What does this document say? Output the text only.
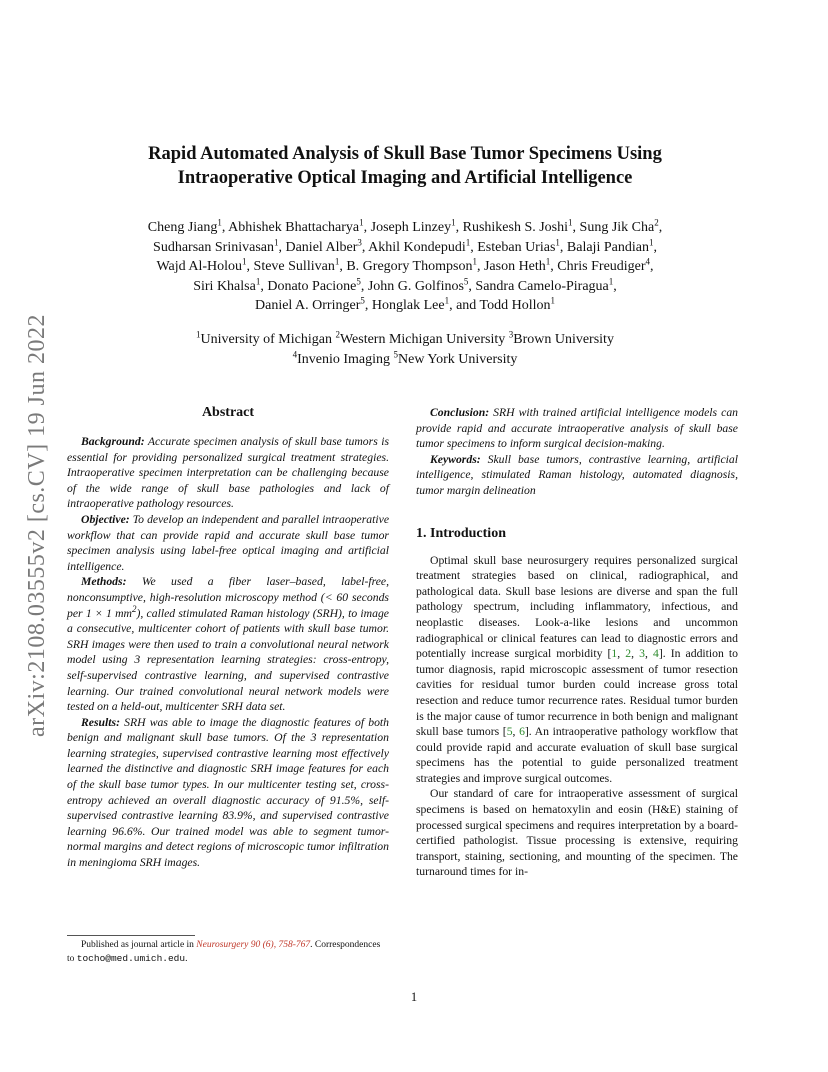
arXiv:2108.03555v2 [cs.CV] 19 Jun 2022
Rapid Automated Analysis of Skull Base Tumor Specimens Using
Intraoperative Optical Imaging and Artificial Intelligence
Cheng Jiang$^1$, Abhishek Bhattacharya$^1$, Joseph Linzey$^1$, Rushikesh S. Joshi$^1$, Sung Jik Cha$^2$,
Sudharsan Srinivasan$^1$, Daniel Alber$^3$, Akhil Kondepudi$^1$, Esteban Urias$^1$, Balaji Pandian$^1$,
Wajd Al-Holou$^1$, Steve Sullivan$^1$, B. Gregory Thompson$^1$, Jason Heth$^1$, Chris Freudiger$^4$,
Siri Khalsa$^1$, Donato Pacione$^5$, John G. Golfinos$^5$, Sandra Camelo-Piragua$^1$,
Daniel A. Orringer$^5$, Honglak Lee$^1$, and Todd Hollon$^1$
$^1$University of Michigan $^2$Western Michigan University $^3$Brown University
$^4$Invenio Imaging $^5$New York University
Abstract

Background: Accurate specimen analysis of skull base tumors is essential for providing personalized surgical treatment strategies. Intraoperative specimen interpretation can be challenging because of the wide range of skull base pathologies and lack of intraoperative pathology resources.

Objective: To develop an independent and parallel intraoperative workflow that can provide rapid and accurate skull base tumor specimen analysis using label-free optical imaging and artificial intelligence.

Methods: We used a fiber laser–based, label-free, nonconsumptive, high-resolution microscopy method (< 60 seconds per 1 × 1 $mm^2$), called stimulated Raman histology (SRH), to image a consecutive, multicenter cohort of patients with skull base tumor. SRH images were then used to train a convolutional neural network model using 3 representation learning strategies: cross-entropy, self-supervised contrastive learning, and supervised contrastive learning. Our trained convolutional neural network models were tested on a held-out, multicenter SRH data set.

Results: SRH was able to image the diagnostic features of both benign and malignant skull base tumors. Of the 3 representation learning strategies, supervised contrastive learning most effectively learned the distinctive and diagnostic SRH image features for each of the skull base tumor types. In our multicenter testing set, cross-entropy achieved an overall diagnostic accuracy of 91.5%, self-supervised contrastive learning 83.9%, and supervised contrastive learning 96.6%. Our trained model was able to segment tumor-normal margins and detect regions of microscopic tumor infiltration in meningioma SRH images.

Conclusion: SRH with trained artificial intelligence models can provide rapid and accurate intraoperative analysis of skull base tumor specimens to inform surgical decision-making.

Keywords: Skull base tumors, contrastive learning, artificial intelligence, stimulated Raman histology, automated diagnosis, tumor margin delineation

1. Introduction

Optimal skull base neurosurgery requires personalized surgical treatment strategies based on clinical, radiographical, and pathological data. Skull base lesions are diverse and span the full pathology spectrum, including inflammatory, infectious, and neoplastic diseases. Look-a-like lesions and uncommon radiographical or clinical features can lead to diagnostic errors and potentially increase surgical morbidity [1, 2, 3, 4]. In addition to tumor diagnosis, rapid microscopic assessment of tumor resection cavities for residual tumor burden could increase gross total resection and reduce tumor recurrence rates. Residual tumor burden is the major cause of tumor recurrence in both benign and malignant skull base tumors [5, 6]. An intraoperative pathology workflow that could provide rapid and accurate evaluation of skull base surgical specimens has the potential to guide personalized treatment strategies and improve surgical outcomes.

Our standard of care for intraoperative assessment of surgical specimens is based on hematoxylin and eosin (H&E) staining of processed surgical specimens and requires interpretation by a board-certified pathologist. Tissue processing is extensive, requiring transport, staining, sectioning, and mounting of the specimen. The turnaround times for in-

Published as journal article in Neurosurgery 90 (6), 758-767. Correspondences to tocho@med.umich.edu.

1
